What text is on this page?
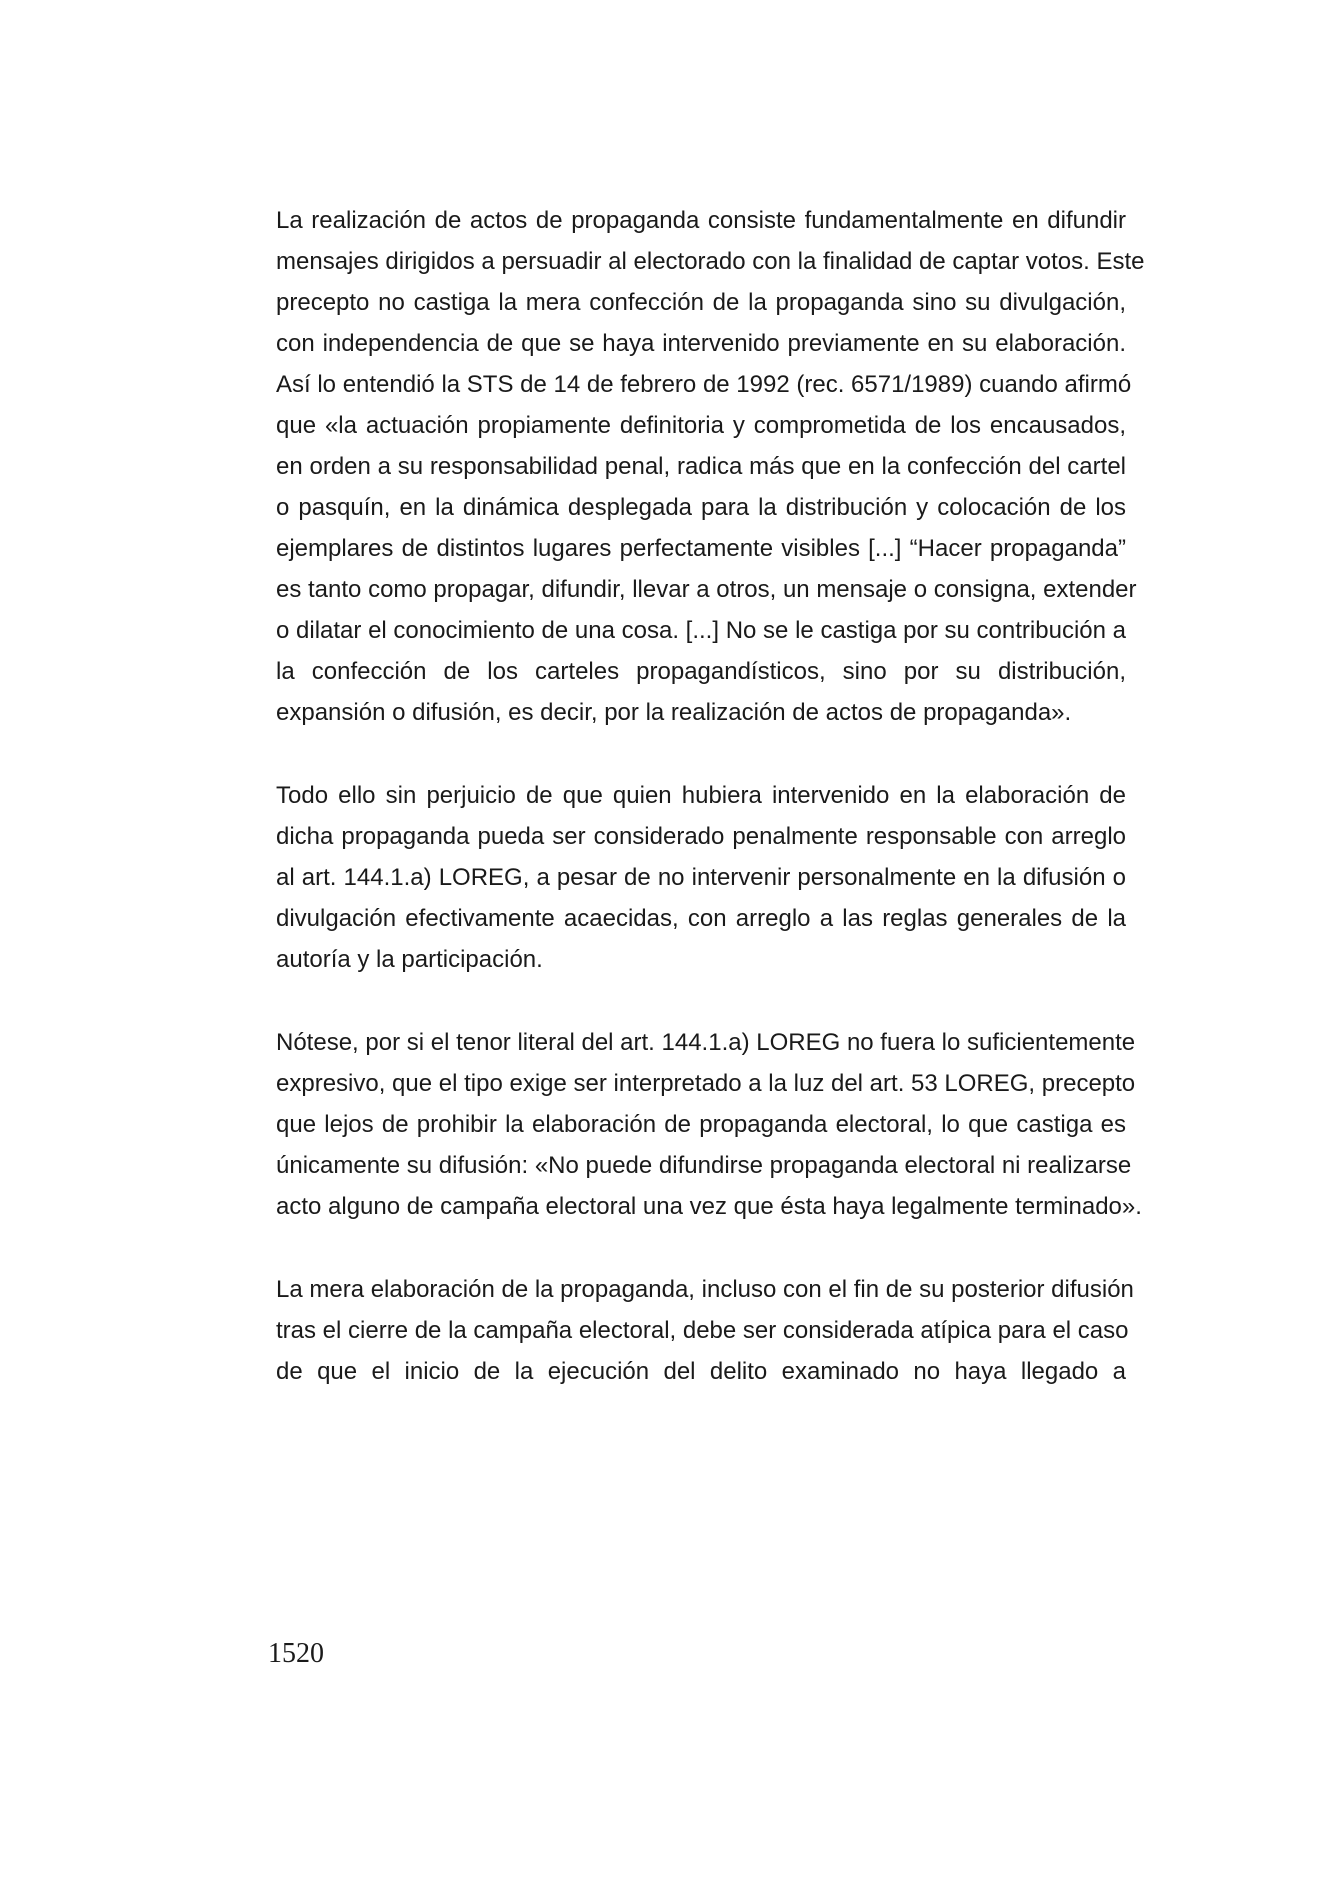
La realización de actos de propaganda consiste fundamentalmente en difundir
mensajes dirigidos a persuadir al electorado con la finalidad de captar votos. Este
precepto no castiga la mera confección de la propaganda sino su divulgación,
con independencia de que se haya intervenido previamente en su elaboración.
Así lo entendió la STS de 14 de febrero de 1992 (rec. 6571/1989) cuando afirmó
que «la actuación propiamente definitoria y comprometida de los encausados,
en orden a su responsabilidad penal, radica más que en la confección del cartel
o pasquín, en la dinámica desplegada para la distribución y colocación de los
ejemplares de distintos lugares perfectamente visibles [...] “Hacer propaganda”
es tanto como propagar, difundir, llevar a otros, un mensaje o consigna, extender
o dilatar el conocimiento de una cosa. [...] No se le castiga por su contribución a
la confección de los carteles propagandísticos, sino por su distribución,
expansión o difusión, es decir, por la realización de actos de propaganda».

Todo ello sin perjuicio de que quien hubiera intervenido en la elaboración de
dicha propaganda pueda ser considerado penalmente responsable con arreglo
al art. 144.1.a) LOREG, a pesar de no intervenir personalmente en la difusión o
divulgación efectivamente acaecidas, con arreglo a las reglas generales de la
autoría y la participación.

Nótese, por si el tenor literal del art. 144.1.a) LOREG no fuera lo suficientemente
expresivo, que el tipo exige ser interpretado a la luz del art. 53 LOREG, precepto
que lejos de prohibir la elaboración de propaganda electoral, lo que castiga es
únicamente su difusión: «No puede difundirse propaganda electoral ni realizarse
acto alguno de campaña electoral una vez que ésta haya legalmente terminado».

La mera elaboración de la propaganda, incluso con el fin de su posterior difusión
tras el cierre de la campaña electoral, debe ser considerada atípica para el caso
de que el inicio de la ejecución del delito examinado no haya llegado a

1520
